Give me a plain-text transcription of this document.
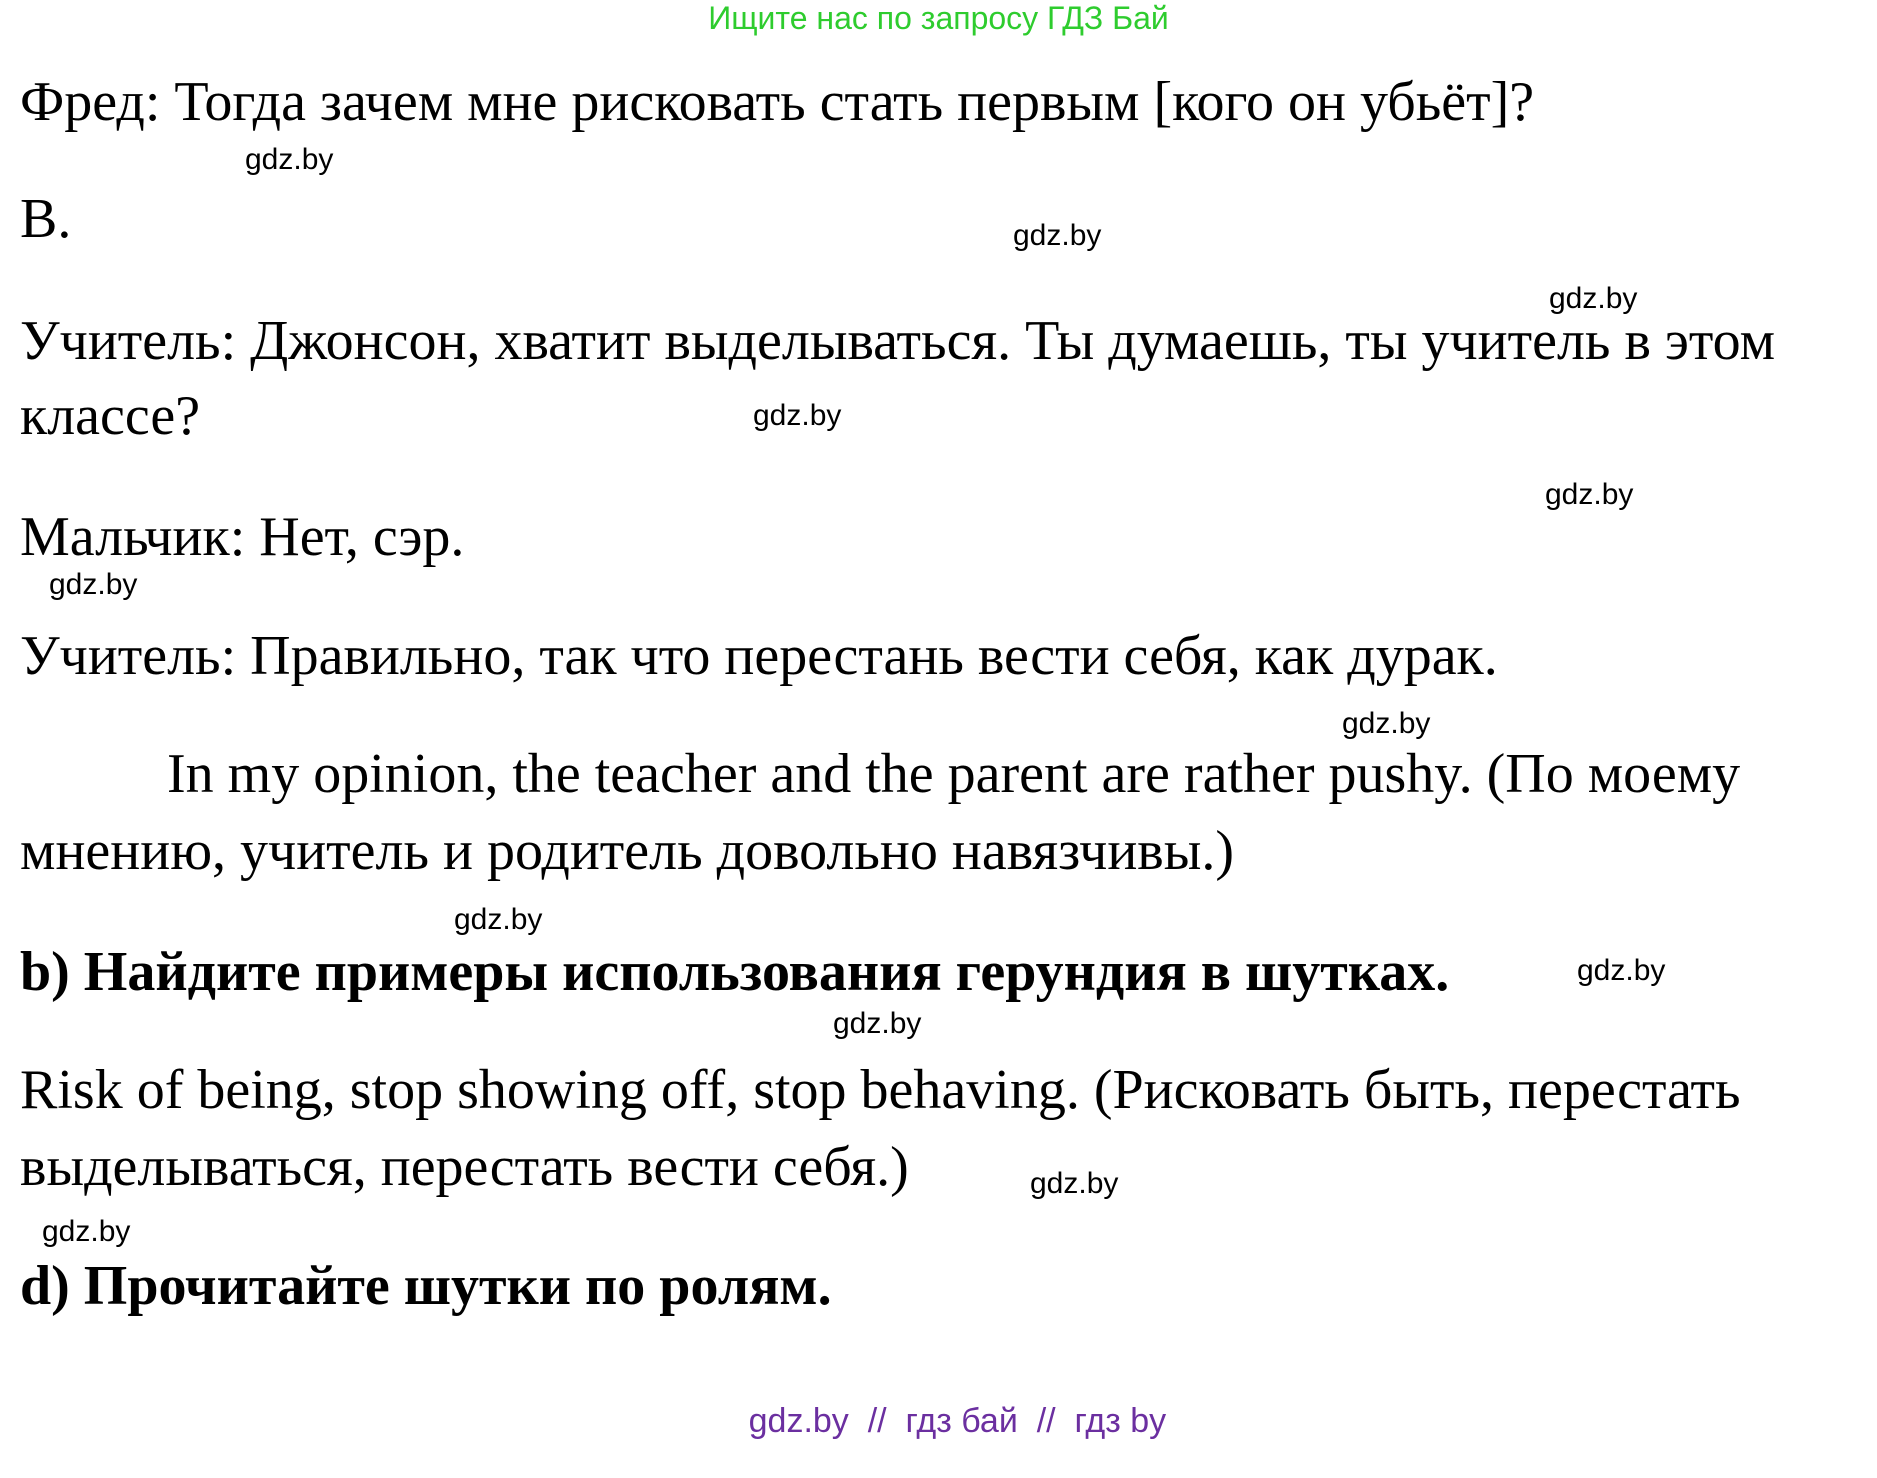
Ищите нас по запросу ГДЗ Бай
Фред: Тогда зачем мне рисковать стать первым [кого он убьёт]?
B.
Учитель: Джонсон, хватит выделываться. Ты думаешь, ты учитель в этом
классе?
Мальчик: Нет, сэр.
Учитель: Правильно, так что перестань вести себя, как дурак.
In my opinion, the teacher and the parent are rather pushy. (По моему
мнению, учитель и родитель довольно навязчивы.)
b) Найдите примеры использования герундия в шутках.
Risk of being, stop showing off, stop behaving. (Рисковать быть, перестать
выделываться, перестать вести себя.)
d) Прочитайте шутки по ролям.
gdz.by
gdz.by
gdz.by
gdz.by
gdz.by
gdz.by
gdz.by
gdz.by
gdz.by
gdz.by
gdz.by
gdz.by

gdz.by  //  гдз бай  //  гдз by
